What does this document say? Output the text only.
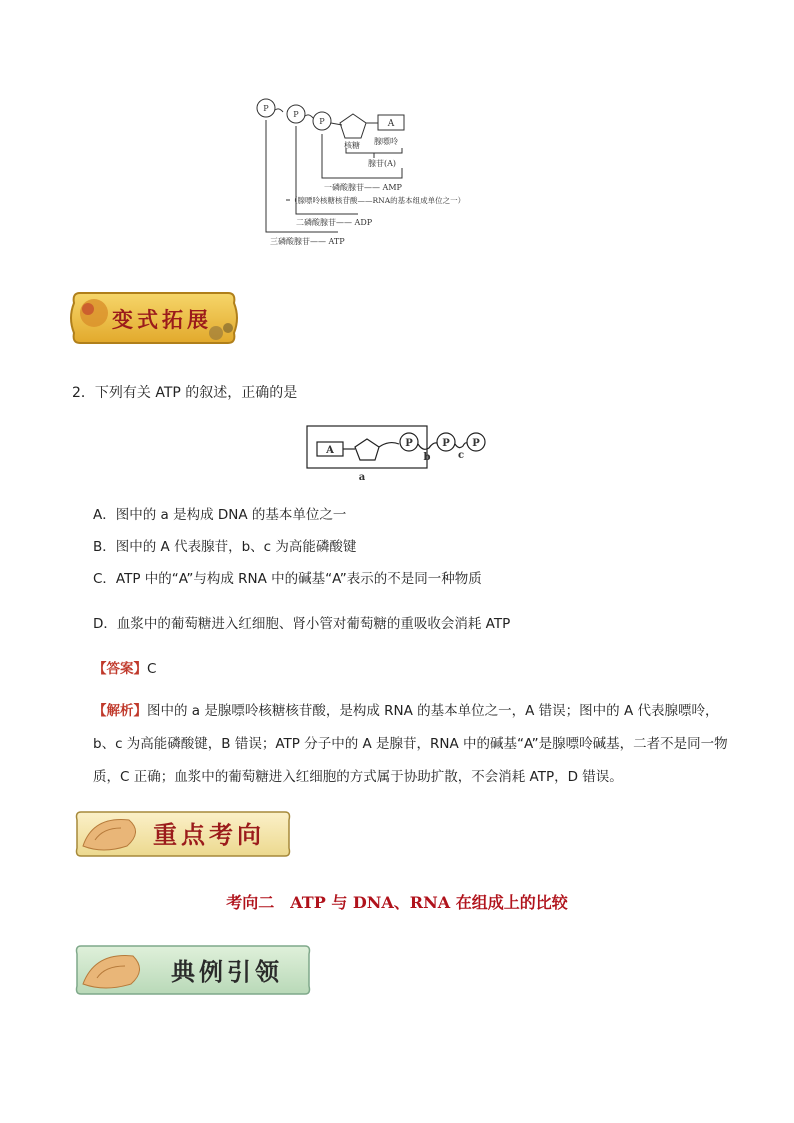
P
P
P	A
核糖 腺嘌呤
腺苷(A)
一磷酸腺苷—— AMP
（腺嘌呤核糖核苷酸——RNA的基本组成单位之一）
二磷酸腺苷—— ADP
三磷酸腺苷—— ATP
变式拓展
2．下列有关 ATP 的叙述，正确的是
A
P	P P
b	c
a
A．图中的 a 是构成 DNA 的基本单位之一
B．图中的 A 代表腺苷，b、c 为高能磷酸键
C．ATP 中的“A”与构成 RNA 中的碱基“A”表示的不是同一种物质
D．血浆中的葡萄糖进入红细胞、肾小管对葡萄糖的重吸收会消耗 ATP
【答案】C
【解析】图中的 a 是腺嘌呤核糖核苷酸，是构成 RNA 的基本单位之一，A 错误；图中的 A 代表腺嘌呤，b、c 为高能磷酸键，B 错误；ATP 分子中的 A 是腺苷，RNA 中的碱基“A”是腺嘌呤碱基，二者不是同一物质，C 正确；血浆中的葡萄糖进入红细胞的方式属于协助扩散，不会消耗 ATP，D 错误。
重点考向
考向二　ATP 与 DNA、RNA 在组成上的比较
典例引领
